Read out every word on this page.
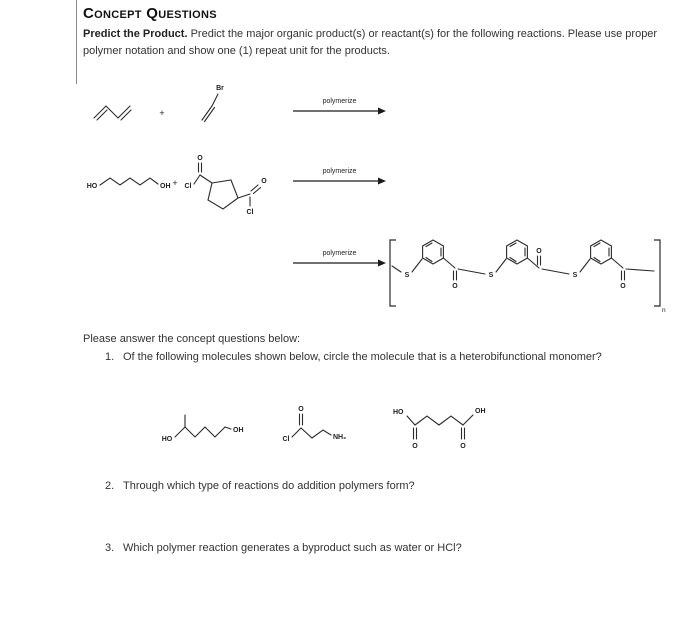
Concept Questions

Predict the Product. Predict the major organic product(s) or reactant(s) for the following reactions. Please use proper polymer notation and show one (1) repeat unit for the products.

+
Br
polymerize
HO	OH + Cl
O
O
Cl
polymerize
polymerize
n
S
O
S
O
S
O
Please answer the concept questions below:
1. Of the following molecules shown below, circle the molecule that is a heterobifunctional monomer?
HO
OH
Cl
O
NH₂
HO
O	O
OH
2. Through which type of reactions do addition polymers form?
3. Which polymer reaction generates a byproduct such as water or HCl?
